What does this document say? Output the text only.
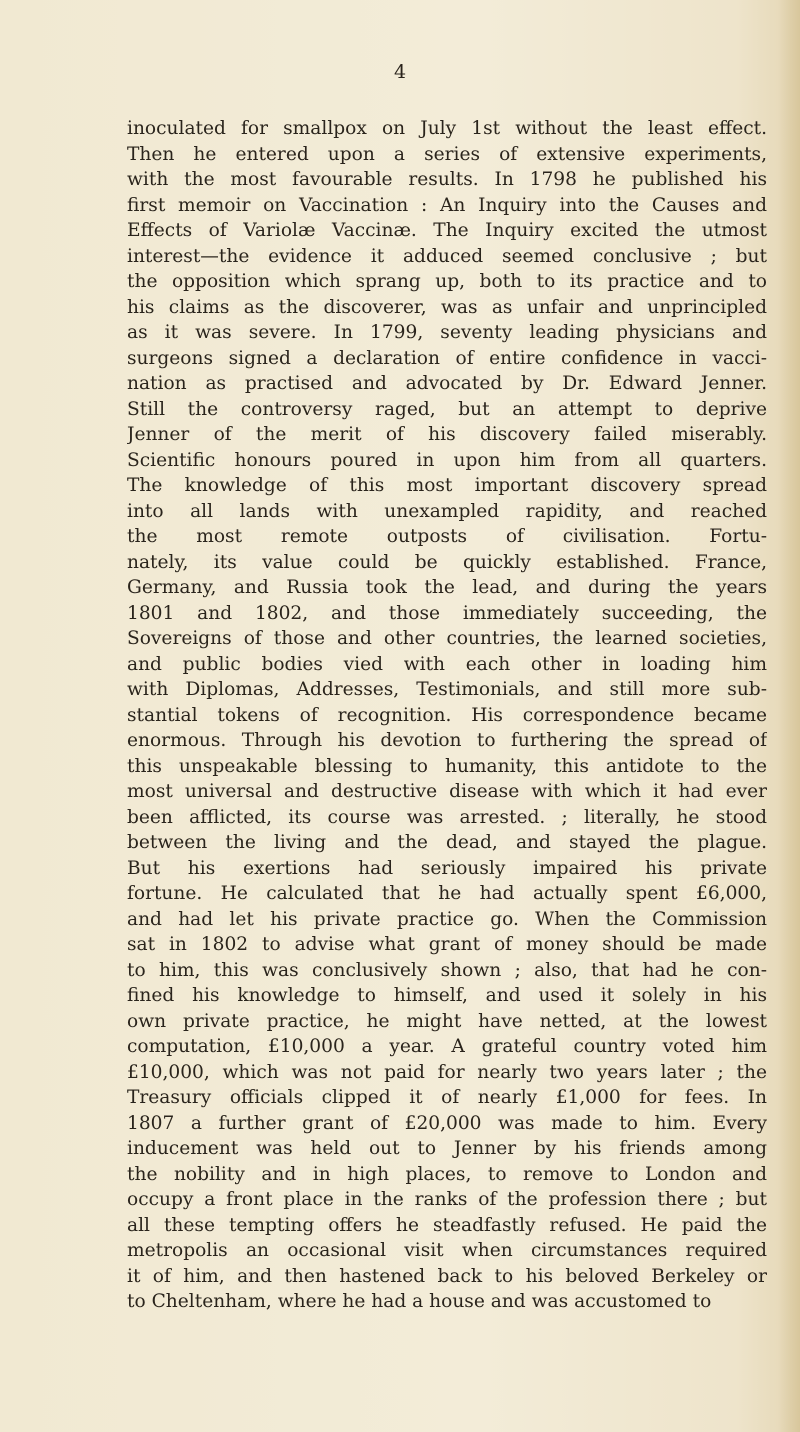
4
inoculated for smallpox on July 1st without the least effect.
Then he entered upon a series of extensive experiments,
with the most favourable results. In 1798 he published his
first memoir on Vaccination : An Inquiry into the Causes and
Effects of Variolæ Vaccinæ. The Inquiry excited the utmost
interest—the evidence it adduced seemed conclusive ; but
the opposition which sprang up, both to its practice and to
his claims as the discoverer, was as unfair and unprincipled
as it was severe. In 1799, seventy leading physicians and
surgeons signed a declaration of entire confidence in vacci-
nation as practised and advocated by Dr. Edward Jenner.
Still the controversy raged, but an attempt to deprive
Jenner of the merit of his discovery failed miserably.
Scientific honours poured in upon him from all quarters.
The knowledge of this most important discovery spread
into all lands with unexampled rapidity, and reached
the most remote outposts of civilisation. Fortu-
nately, its value could be quickly established. France,
Germany, and Russia took the lead, and during the years
1801 and 1802, and those immediately succeeding, the
Sovereigns of those and other countries, the learned societies,
and public bodies vied with each other in loading him
with Diplomas, Addresses, Testimonials, and still more sub-
stantial tokens of recognition. His correspondence became
enormous. Through his devotion to furthering the spread of
this unspeakable blessing to humanity, this antidote to the
most universal and destructive disease with which it had ever
been afflicted, its course was arrested. ; literally, he stood
between the living and the dead, and stayed the plague.
But his exertions had seriously impaired his private
fortune. He calculated that he had actually spent £6,000,
and had let his private practice go. When the Commission
sat in 1802 to advise what grant of money should be made
to him, this was conclusively shown ; also, that had he con-
fined his knowledge to himself, and used it solely in his
own private practice, he might have netted, at the lowest
computation, £10,000 a year. A grateful country voted him
£10,000, which was not paid for nearly two years later ; the
Treasury officials clipped it of nearly £1,000 for fees. In
1807 a further grant of £20,000 was made to him. Every
inducement was held out to Jenner by his friends among
the nobility and in high places, to remove to London and
occupy a front place in the ranks of the profession there ; but
all these tempting offers he steadfastly refused. He paid the
metropolis an occasional visit when circumstances required
it of him, and then hastened back to his beloved Berkeley or
to Cheltenham, where he had a house and was accustomed to
